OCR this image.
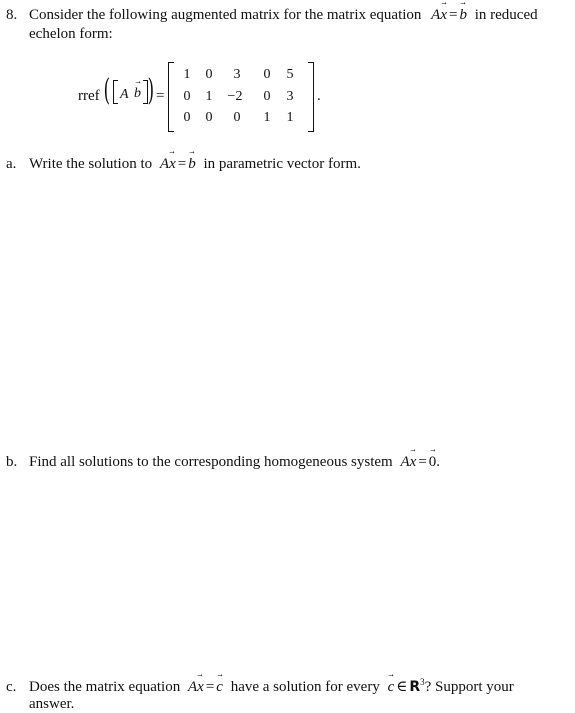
8. Consider the following augmented matrix for the matrix equation A→ x = → b in reduced
echelon form:
rref ( A → b ) =
1	0	3	0	5
0	1	−2	0	3
0	0	0	1	1
.
a. Write the solution to A→ x = → b in parametric vector form.
b. Find all solutions to the corresponding homogeneous system A→ x = → 0.
c. Does the matrix equation A→ x = → c have a solution for every → c ∈ $R^3$? Support your
answer.
